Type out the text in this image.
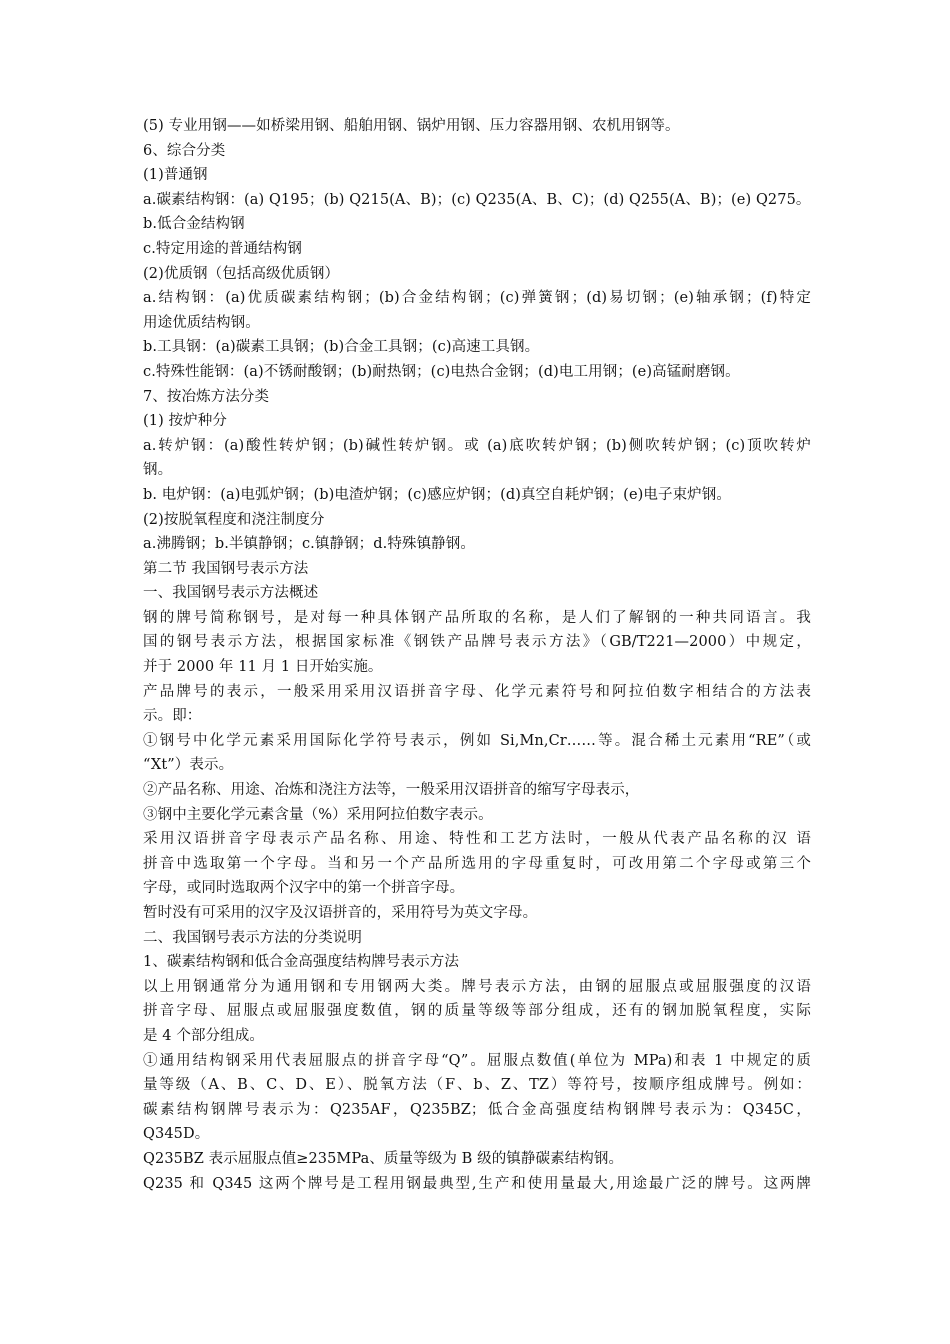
(5) 专业用钢——如桥梁用钢、船舶用钢、锅炉用钢、压力容器用钢、农机用钢等。
6、综合分类
(1)普通钢
a.碳素结构钢：(a) Q195；(b) Q215(A、B)；(c) Q235(A、B、C)；(d) Q255(A、B)；(e) Q275。
b.低合金结构钢
c.特定用途的普通结构钢
(2)优质钢（包括高级优质钢）
a.结构钢：(a)优质碳素结构钢；(b)合金结构钢；(c)弹簧钢；(d)易切钢；(e)轴承钢；(f)特定
用途优质结构钢。
b.工具钢：(a)碳素工具钢；(b)合金工具钢；(c)高速工具钢。
c.特殊性能钢：(a)不锈耐酸钢；(b)耐热钢；(c)电热合金钢；(d)电工用钢；(e)高锰耐磨钢。
7、按冶炼方法分类
(1) 按炉种分
a.转炉钢：(a)酸性转炉钢；(b)碱性转炉钢。或 (a)底吹转炉钢；(b)侧吹转炉钢；(c)顶吹转炉
钢。
b. 电炉钢：(a)电弧炉钢；(b)电渣炉钢；(c)感应炉钢；(d)真空自耗炉钢；(e)电子束炉钢。
(2)按脱氧程度和浇注制度分
a.沸腾钢；b.半镇静钢；c.镇静钢；d.特殊镇静钢。
第二节 我国钢号表示方法
一、我国钢号表示方法概述
钢的牌号简称钢号，是对每一种具体钢产品所取的名称，是人们了解钢的一种共同语言。我
国的钢号表示方法，根据国家标准《钢铁产品牌号表示方法》（GB/T221—2000）中规定，
并于 2000 年 11 月 1 日开始实施。
产品牌号的表示，一般采用采用汉语拼音字母、化学元素符号和阿拉伯数字相结合的方法表
示。即：
①钢号中化学元素采用国际化学符号表示，例如 Si,Mn,Cr……等。混合稀土元素用“RE”（或
“Xt”）表示。
②产品名称、用途、冶炼和浇注方法等，一般采用汉语拼音的缩写字母表示，
③钢中主要化学元素含量（%）采用阿拉伯数字表示。
采用汉语拼音字母表示产品名称、用途、特性和工艺方法时，一般从代表产品名称的汉 语
拼音中选取第一个字母。当和另一个产品所选用的字母重复时，可改用第二个字母或第三个
字母，或同时选取两个汉字中的第一个拼音字母。
暂时没有可采用的汉字及汉语拼音的，采用符号为英文字母。
二、我国钢号表示方法的分类说明
1、碳素结构钢和低合金高强度结构牌号表示方法
以上用钢通常分为通用钢和专用钢两大类。牌号表示方法，由钢的屈服点或屈服强度的汉语
拼音字母、屈服点或屈服强度数值，钢的质量等级等部分组成，还有的钢加脱氧程度，实际
是 4 个部分组成。
①通用结构钢采用代表屈服点的拼音字母“Q”。屈服点数值(单位为 MPa)和表 1 中规定的质
量等级（A、B、C、D、E）、脱氧方法（F、b、Z、TZ）等符号，按顺序组成牌号。例如：
碳素结构钢牌号表示为：Q235AF，Q235BZ；低合金高强度结构钢牌号表示为：Q345C，
Q345D。
Q235BZ 表示屈服点值≥235MPa、质量等级为 B 级的镇静碳素结构钢。
Q235 和 Q345 这两个牌号是工程用钢最典型,生产和使用量最大,用途最广泛的牌号。这两牌
